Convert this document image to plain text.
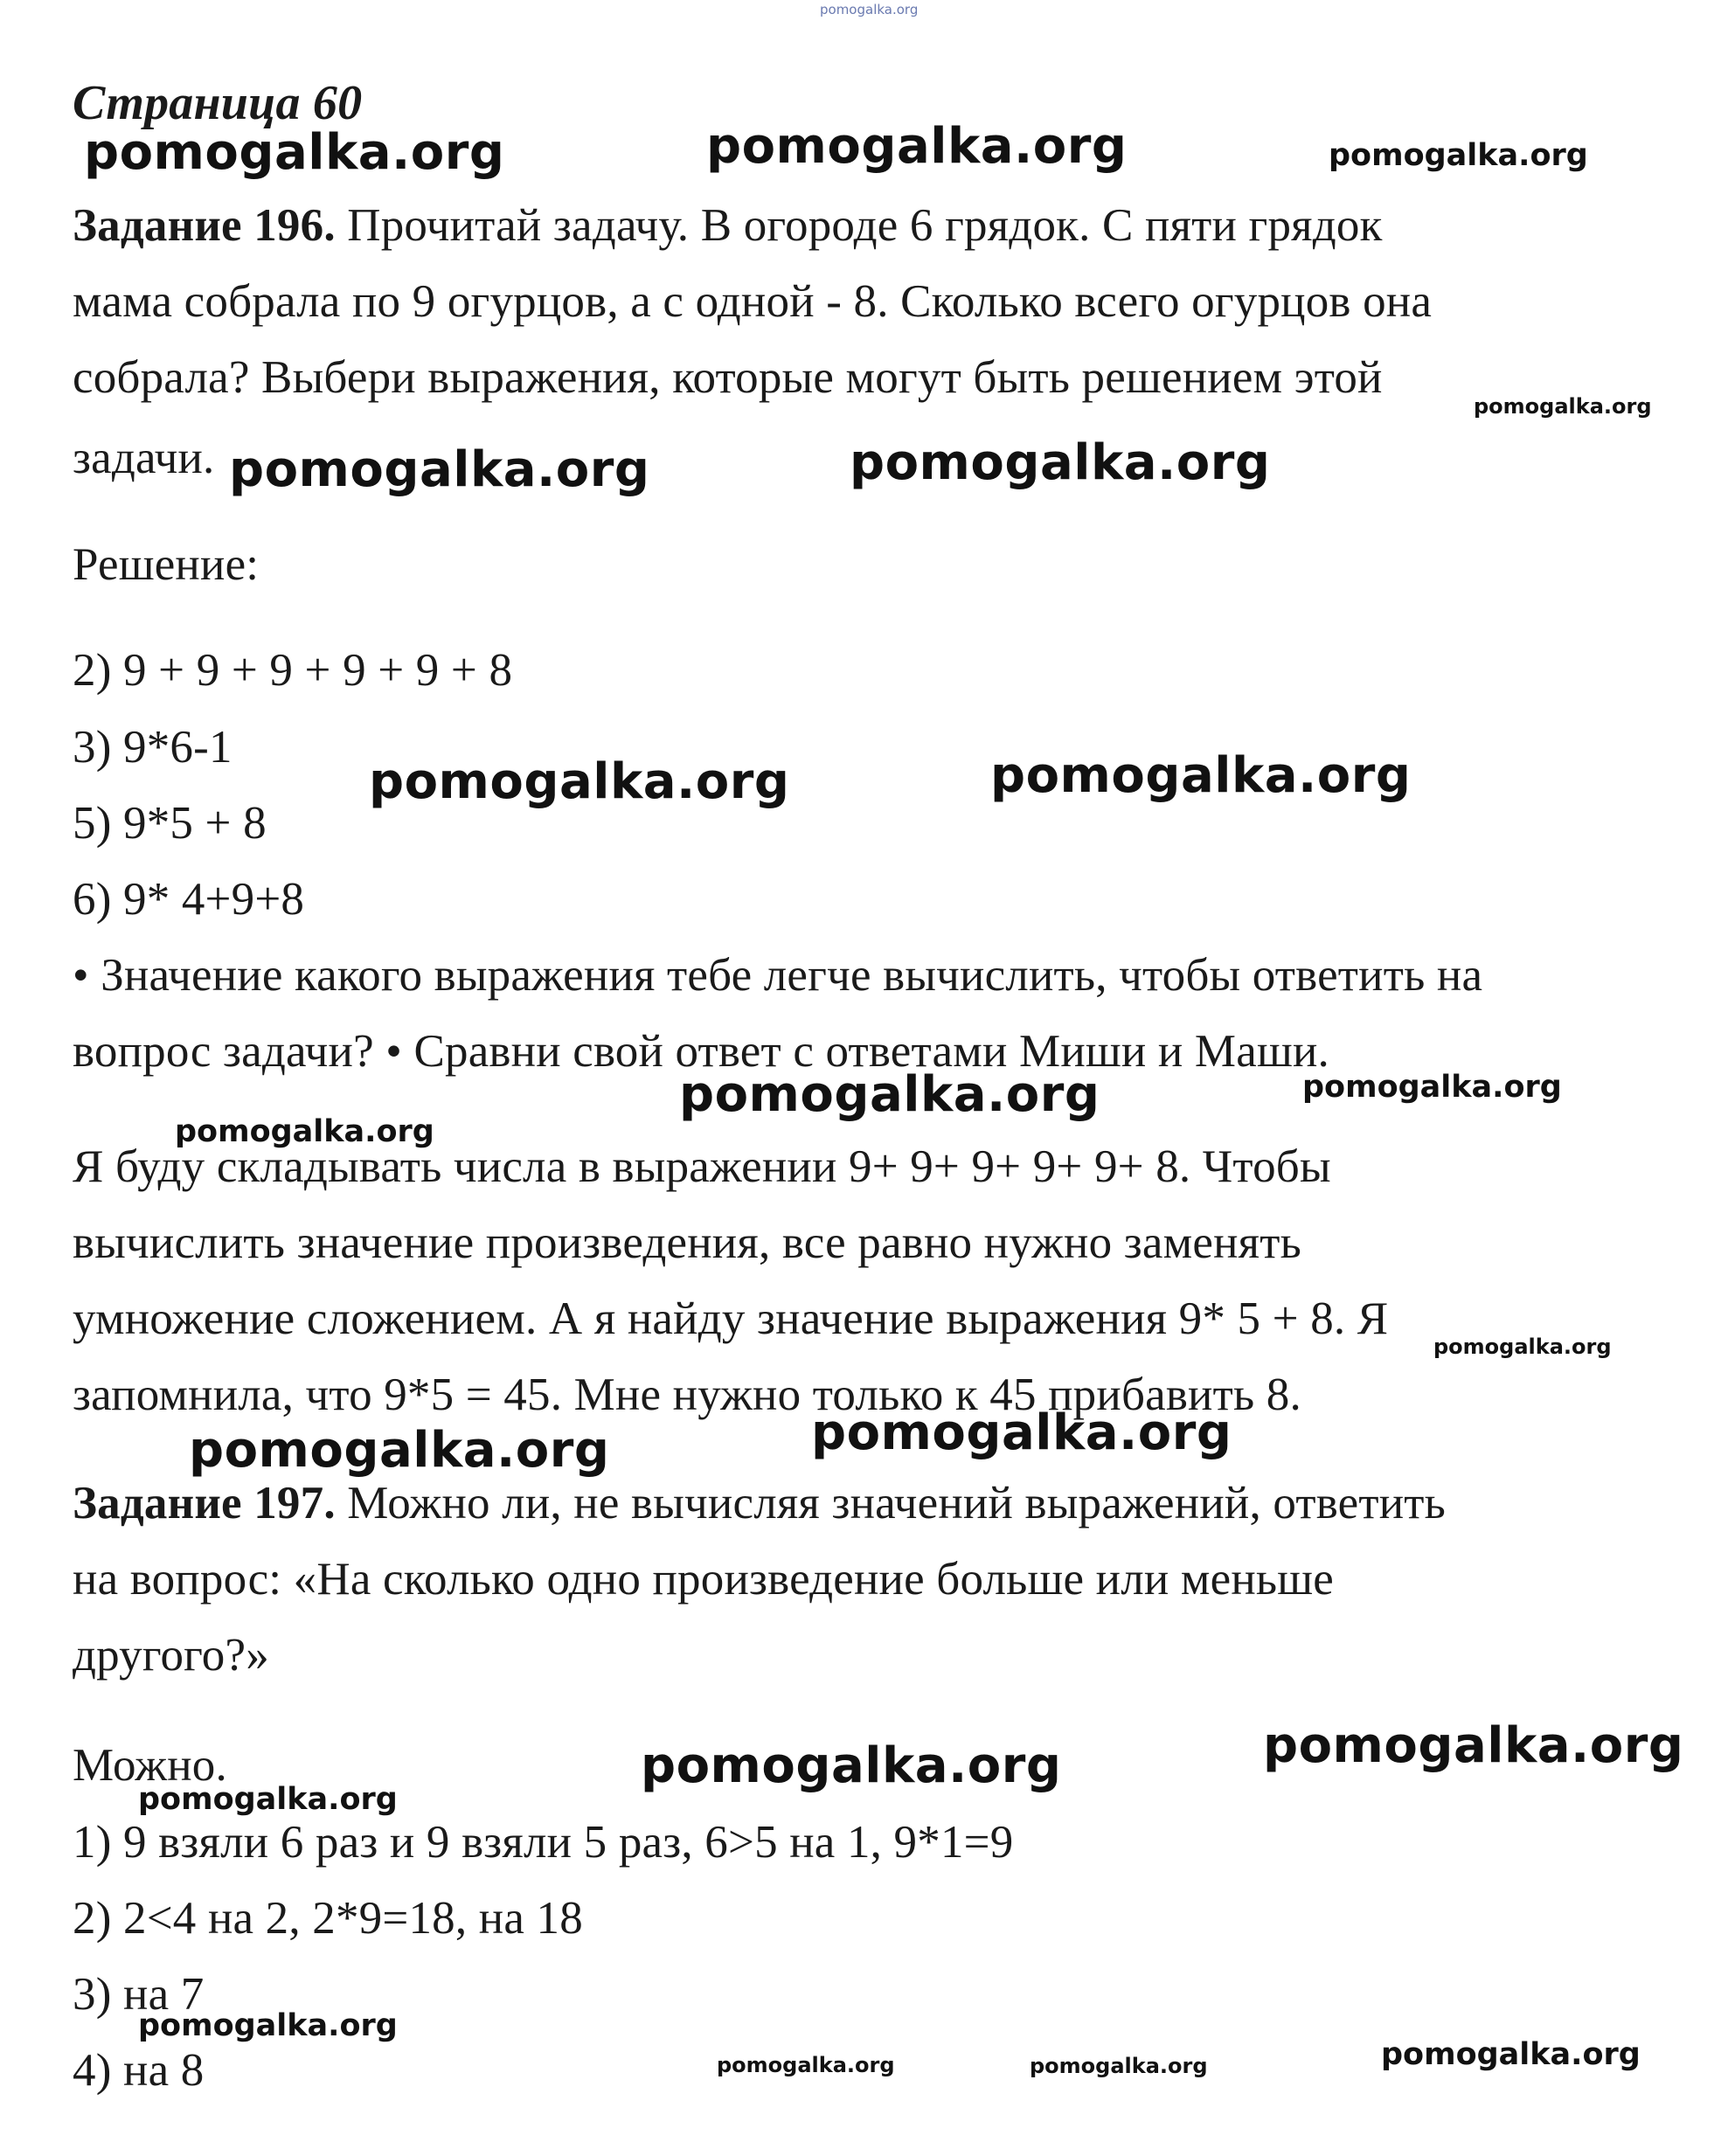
pomogalka.org
Страница 60
pomogalka.org	pomogalka.org	pomogalka.org
Задание 196. Прочитай задачу. В огороде 6 грядок. С пяти грядок
мама собрала по 9 огурцов, а с одной - 8. Сколько всего огурцов она
собрала? Выбери выражения, которые могут быть решением этой
pomogalka.org
задачи. pomogalka.org	pomogalka.org
Решение:
2) 9 + 9 + 9 + 9 + 9 + 8
3) 9*6-1
pomogalka.org	pomogalka.org
5) 9*5 + 8
6) 9* 4+9+8
• Значение какого выражения тебе легче вычислить, чтобы ответить на
вопрос задачи? • Сравни свой ответ с ответами Миши и Маши.
pomogalka.org	pomogalka.org
pomogalka.org
Я буду складывать числа в выражении 9+ 9+ 9+ 9+ 9+ 8. Чтобы
вычислить значение произведения, все равно нужно заменять
умножение сложением. А я найду значение выражения 9* 5 + 8. Я
pomogalka.org
запомнила, что 9*5 = 45. Мне нужно только к 45 прибавить 8.
pomogalka.org	pomogalka.org
Задание 197. Можно ли, не вычисляя значений выражений, ответить
на вопрос: «На сколько одно произведение больше или меньше
другого?»
pomogalka.org
Можно.	pomogalka.org
pomogalka.org
1) 9 взяли 6 раз и 9 взяли 5 раз, 6>5 на 1, 9*1=9
2) 2<4 на 2, 2*9=18, на 18
3) на 7
pomogalka.org
4) на 8	pomogalka.org	pomogalka.org	pomogalka.org
